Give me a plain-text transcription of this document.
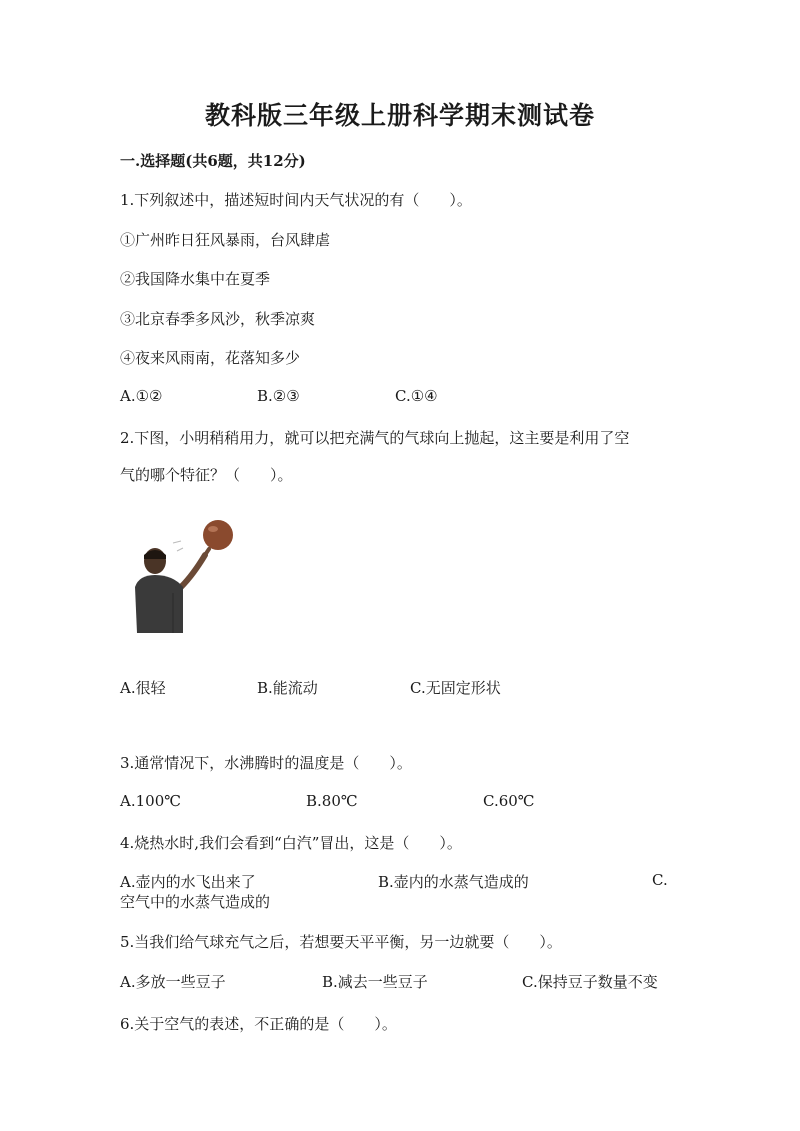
教科版三年级上册科学期末测试卷
一.选择题(共6题，共12分)
1.下列叙述中，描述短时间内天气状况的有（　　）。
①广州昨日狂风暴雨，台风肆虐
②我国降水集中在夏季
③北京春季多风沙，秋季凉爽
④夜来风雨南，花落知多少
A.①②	B.②③	C.①④
2.下图，小明稍稍用力，就可以把充满气的气球向上抛起，这主要是利用了空
气的哪个特征？（　　）。
A.很轻	B.能流动	C.无固定形状
3.通常情况下，水沸腾时的温度是（　　）。
A.100℃	B.80℃	C.60℃
4.烧热水时,我们会看到“白汽”冒出，这是（　　）。
A.壶内的水飞出来了	B.壶内的水蒸气造成的	C.
空气中的水蒸气造成的
5.当我们给气球充气之后，若想要天平平衡，另一边就要（　　）。
A.多放一些豆子	B.减去一些豆子	C.保持豆子数量不变
6.关于空气的表述，不正确的是（　　）。
